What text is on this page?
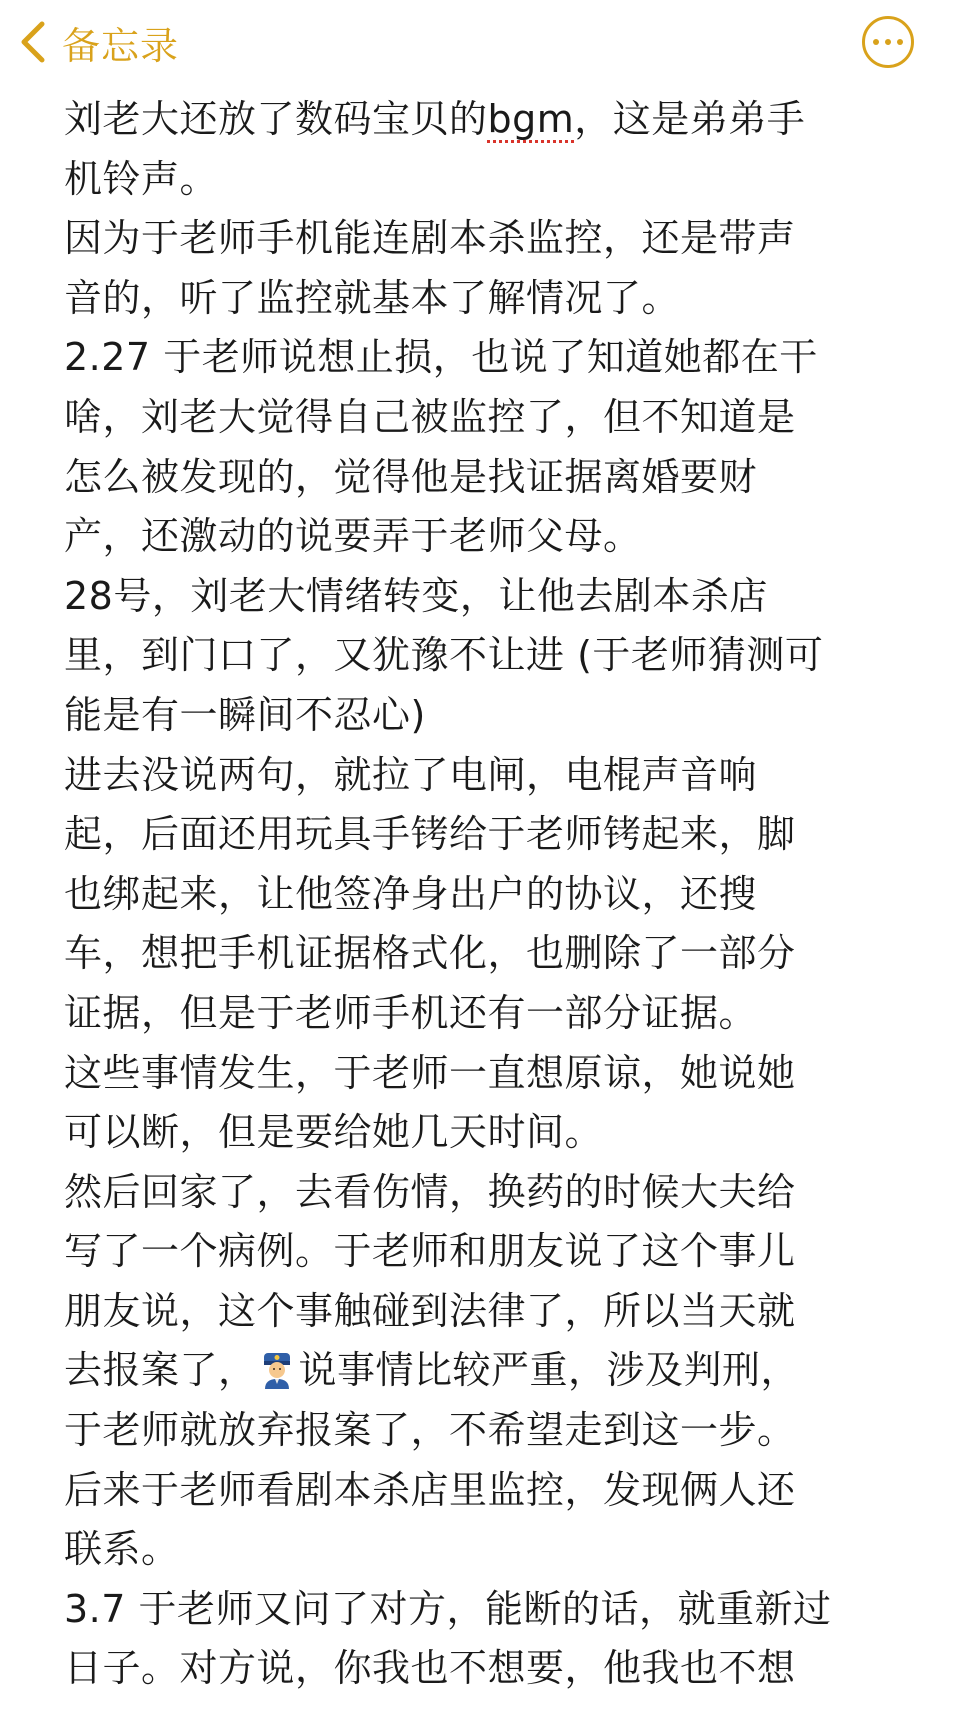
备忘录
刘老大还放了数码宝贝的bgm，这是弟弟手
机铃声。
因为于老师手机能连剧本杀监控，还是带声
音的，听了监控就基本了解情况了。
2.27 于老师说想止损，也说了知道她都在干
啥，刘老大觉得自己被监控了，但不知道是
怎么被发现的，觉得他是找证据离婚要财
产，还激动的说要弄于老师父母。
28号，刘老大情绪转变，让他去剧本杀店
里，到门口了，又犹豫不让进 (于老师猜测可
能是有一瞬间不忍心)
进去没说两句，就拉了电闸，电棍声音响
起，后面还用玩具手铐给于老师铐起来，脚
也绑起来，让他签净身出户的协议，还搜
车，想把手机证据格式化，也删除了一部分
证据，但是于老师手机还有一部分证据。
这些事情发生，于老师一直想原谅，她说她
可以断，但是要给她几天时间。
然后回家了，去看伤情，换药的时候大夫给
写了一个病例。于老师和朋友说了这个事儿
朋友说，这个事触碰到法律了，所以当天就
去报案了， 说事情比较严重，涉及判刑，
于老师就放弃报案了，不希望走到这一步。
后来于老师看剧本杀店里监控，发现俩人还
联系。
3.7 于老师又问了对方，能断的话，就重新过
日子。对方说，你我也不想要，他我也不想
